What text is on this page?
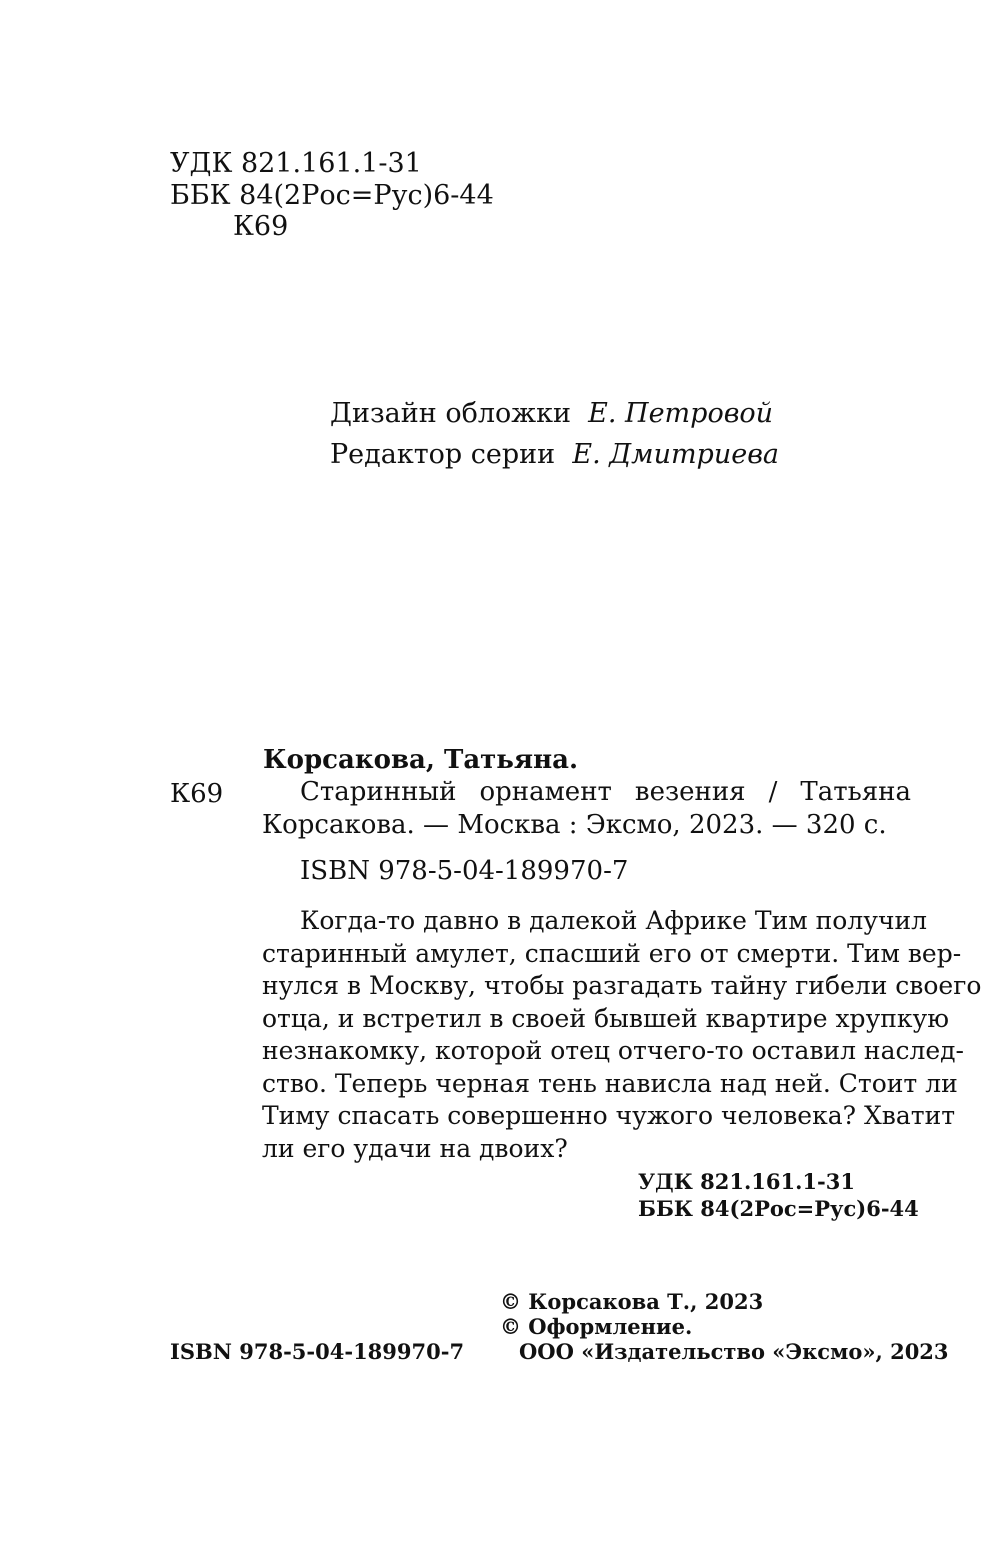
УДК 821.161.1-31
ББК 84(2Рос=Рус)6-44
К69
Дизайн обложки Е. Петровой
Редактор серии Е. Дмитриева
Корсакова, Татьяна.
К69	Старинный орнамент везения / Татьяна
Корсакова. — Москва : Эксмо, 2023. — 320 с.
ISBN 978-5-04-189970-7
Когда-то давно в далекой Африке Тим получил
старинный амулет, спасший его от смерти. Тим вер-
нулся в Москву, чтобы разгадать тайну гибели своего
отца, и встретил в своей бывшей квартире хрупкую
незнакомку, которой отец отчего-то оставил наслед-
ство. Теперь черная тень нависла над ней. Стоит ли
Тиму спасать совершенно чужого человека? Хватит
ли его удачи на двоих?
УДК 821.161.1-31
ББК 84(2Рос=Рус)6-44
© Корсакова Т., 2023
© Оформление.
ISBN 978-5-04-189970-7	ООО «Издательство «Эксмо», 2023
